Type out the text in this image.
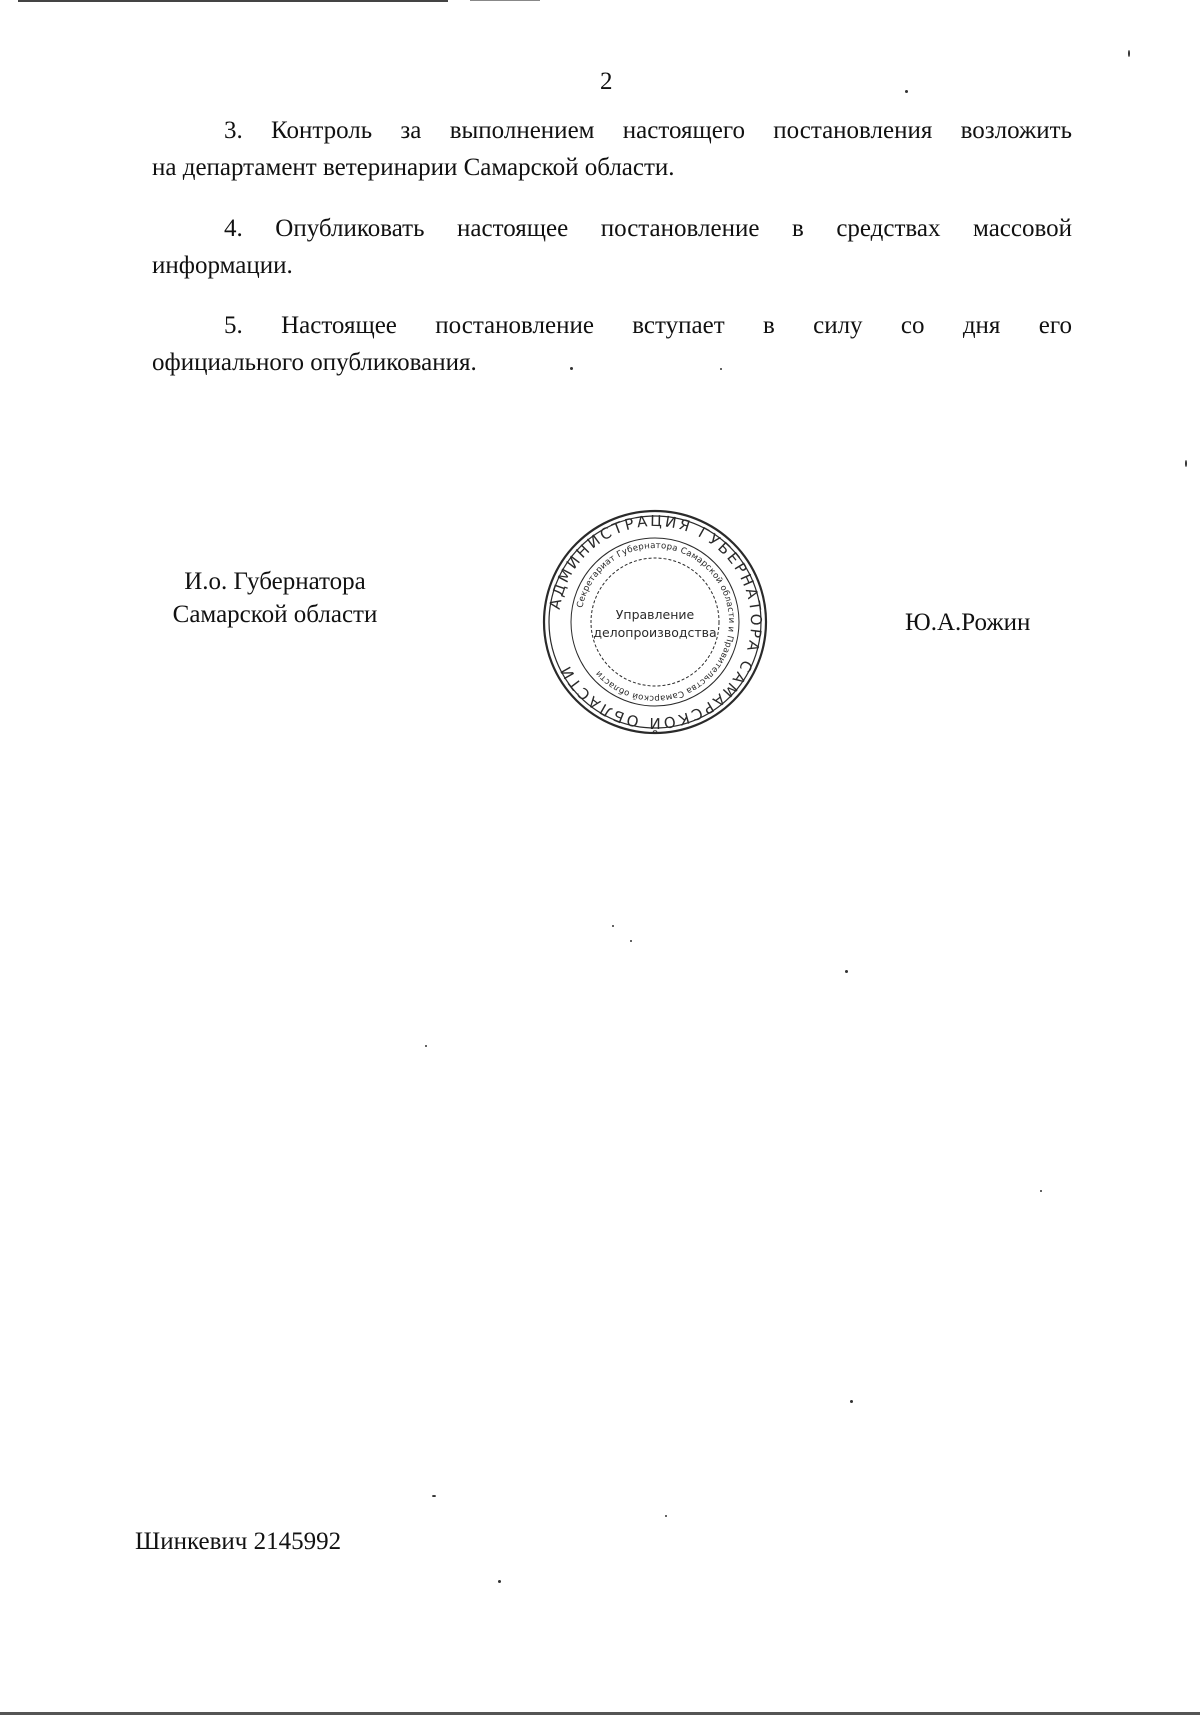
2

3. Контроль за выполнением настоящего постановления возложить
на департамент ветеринарии Самарской области.

4. Опубликовать настоящее постановление в средствах массовой
информации.

5. Настоящее постановление вступает в силу со дня его
официального опубликования.

И.о. Губернатора
Самарской области	АДМИНИСТРАЦИЯ ГУБЕРНАТОРА САМАРСКОЙ ОБЛАСТИ
Секретариат Губернатора Самарской области и Правительства Самарской области
Управление
делопроизводства	Ю.А.Рожин
Шинкевич 2145992
